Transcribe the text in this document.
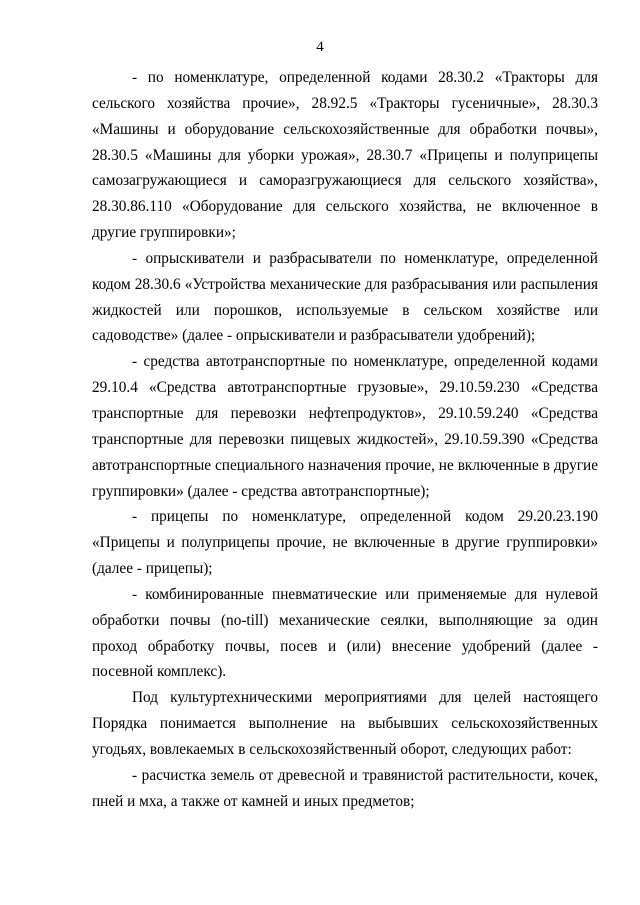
4

- по номенклатуре, определенной кодами 28.30.2 «Тракторы для сельского хозяйства прочие», 28.92.5 «Тракторы гусеничные», 28.30.3 «Машины и оборудование сельскохозяйственные для обработки почвы», 28.30.5 «Машины для уборки урожая», 28.30.7 «Прицепы и полуприцепы самозагружающиеся и саморазгружающиеся для сельского хозяйства», 28.30.86.110 «Оборудование для сельского хозяйства, не включенное в другие группировки»;

- опрыскиватели и разбрасыватели по номенклатуре, определенной кодом 28.30.6 «Устройства механические для разбрасывания или распыления жидкостей или порошков, используемые в сельском хозяйстве или садоводстве» (далее - опрыскиватели и разбрасыватели удобрений);

- средства автотранспортные по номенклатуре, определенной кодами 29.10.4 «Средства автотранспортные грузовые», 29.10.59.230 «Средства транспортные для перевозки нефтепродуктов», 29.10.59.240 «Средства транспортные для перевозки пищевых жидкостей», 29.10.59.390 «Средства автотранспортные специального назначения прочие, не включенные в другие группировки» (далее - средства автотранспортные);

- прицепы по номенклатуре, определенной кодом 29.20.23.190 «Прицепы и полуприцепы прочие, не включенные в другие группировки» (далее - прицепы);

- комбинированные пневматические или применяемые для нулевой обработки почвы (no-till) механические сеялки, выполняющие за один проход обработку почвы, посев и (или) внесение удобрений (далее - посевной комплекс).

Под культуртехническими мероприятиями для целей настоящего Порядка понимается выполнение на выбывших сельскохозяйственных угодьях, вовлекаемых в сельскохозяйственный оборот, следующих работ:

- расчистка земель от древесной и травянистой растительности, кочек, пней и мха, а также от камней и иных предметов;
